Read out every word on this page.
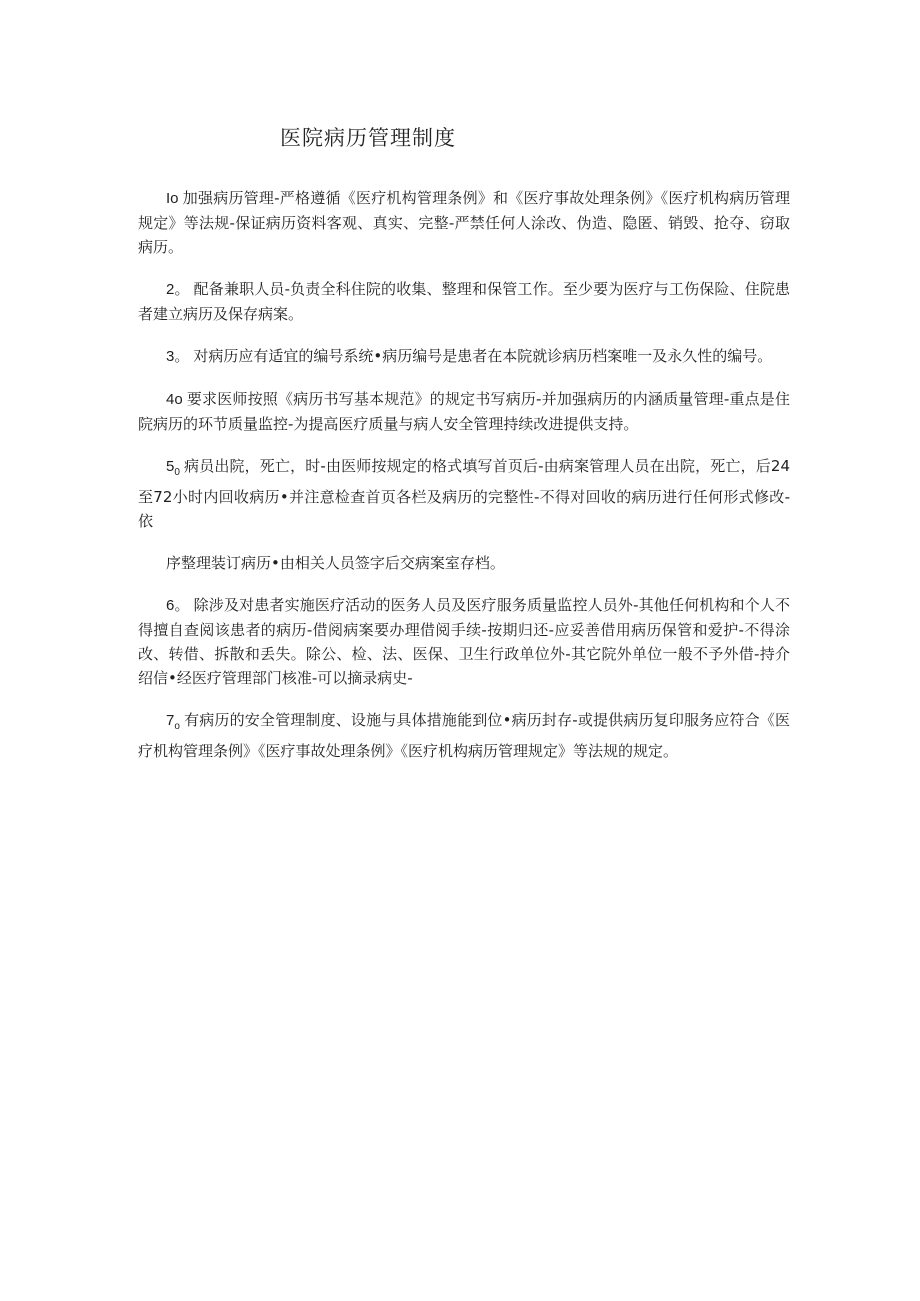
医院病历管理制度

Io 加强病历管理-严格遵循《医疗机构管理条例》和《医疗事故处理条例》《医疗机构病历管理规定》等法规-保证病历资料客观、真实、完整-严禁任何人涂改、伪造、隐匿、销毁、抢夺、窃取病历。

2。 配备兼职人员-负责全科住院的收集、整理和保管工作。至少要为医疗与工伤保险、住院患者建立病历及保存病案。

3。 对病历应有适宜的编号系统•病历编号是患者在本院就诊病历档案唯一及永久性的编号。

4o 要求医师按照《病历书写基本规范》的规定书写病历-并加强病历的内涵质量管理-重点是住院病历的环节质量监控-为提高医疗质量与病人安全管理持续改进提供支持。

$5_0$ 病员出院，死亡，时-由医师按规定的格式填写首页后-由病案管理人员在出院，死亡，后24至72小时内回收病历•并注意检查首页各栏及病历的完整性-不得对回收的病历进行任何形式修改-依

序整理装订病历•由相关人员签字后交病案室存档。

6。 除涉及对患者实施医疗活动的医务人员及医疗服务质量监控人员外-其他任何机构和个人不得擅自查阅该患者的病历-借阅病案要办理借阅手续-按期归还-应妥善借用病历保管和爱护-不得涂改、转借、拆散和丢失。除公、检、法、医保、卫生行政单位外-其它院外单位一般不予外借-持介绍信•经医疗管理部门核准-可以摘录病史-

$7_o$ 有病历的安全管理制度、设施与具体措施能到位•病历封存-或提供病历复印服务应符合《医疗机构管理条例》《医疗事故处理条例》《医疗机构病历管理规定》等法规的规定。
